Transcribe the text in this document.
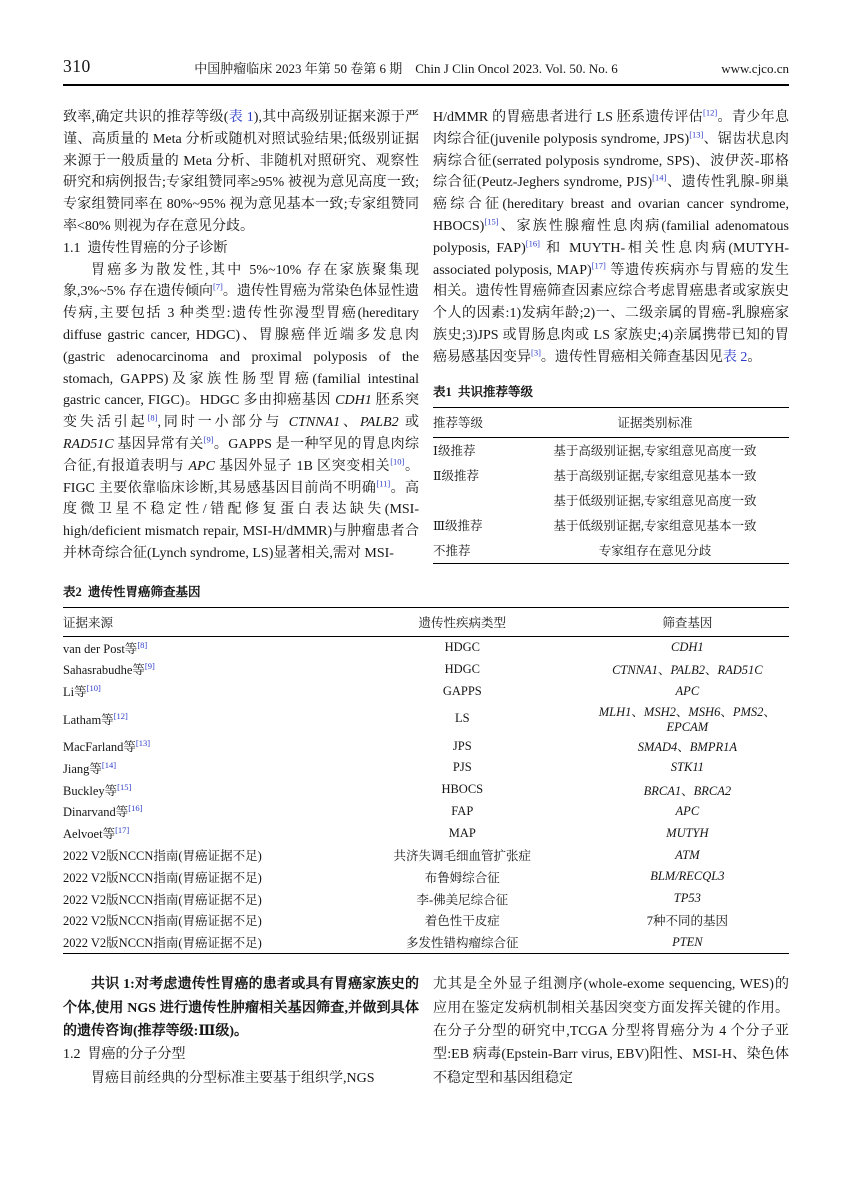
310	中国肿瘤临床 2023 年第 50 卷第 6 期    Chin J Clin Oncol 2023. Vol. 50. No. 6	www.cjco.cn

致率,确定共识的推荐等级(表 1),其中高级别证据来源于严谨、高质量的 Meta 分析或随机对照试验结果;低级别证据来源于一般质量的 Meta 分析、非随机对照研究、观察性研究和病例报告;专家组赞同率≥95% 被视为意见高度一致;专家组赞同率在 80%~95% 视为意见基本一致;专家组赞同率<80% 则视为存在意见分歧。

1.1  遗传性胃癌的分子诊断

胃癌多为散发性,其中 5%~10% 存在家族聚集现象,3%~5% 存在遗传倾向[7]。遗传性胃癌为常染色体显性遗传病,主要包括 3 种类型:遗传性弥漫型胃癌(hereditary diffuse gastric cancer, HDGC)、胃腺癌伴近端多发息肉(gastric adenocarcinoma and proximal polyposis of the stomach, GAPPS)及家族性肠型胃癌(familial intestinal gastric cancer, FIGC)。HDGC 多由抑癌基因 CDH1 胚系突变失活引起[8],同时一小部分与 CTNNA1、PALB2 或 RAD51C 基因异常有关[9]。GAPPS 是一种罕见的胃息肉综合征,有报道表明与 APC 基因外显子 1B 区突变相关[10]。FIGC 主要依靠临床诊断,其易感基因目前尚不明确[11]。高度微卫星不稳定性/错配修复蛋白表达缺失(MSI-high/deficient mismatch repair, MSI-H/dMMR)与肿瘤患者合并林奇综合征(Lynch syndrome, LS)显著相关,需对 MSI-

H/dMMR 的胃癌患者进行 LS 胚系遗传评估[12]。青少年息肉综合征(juvenile polyposis syndrome, JPS)[13]、锯齿状息肉病综合征(serrated polyposis syndrome, SPS)、波伊茨-耶格综合征(Peutz-Jeghers syndrome, PJS)[14]、遗传性乳腺-卵巢癌综合征(hereditary breast and ovarian cancer syndrome, HBOCS)[15]、家族性腺瘤性息肉病(familial adenomatous polyposis, FAP)[16] 和 MUYTH-相关性息肉病(MUTYH-associated polyposis, MAP)[17] 等遗传疾病亦与胃癌的发生相关。遗传性胃癌筛查因素应综合考虑胃癌患者或家族史个人的因素:1)发病年龄;2)一、二级亲属的胃癌-乳腺癌家族史;3)JPS 或胃肠息肉或 LS 家族史;4)亲属携带已知的胃癌易感基因变异[3]。遗传性胃癌相关筛查基因见表 2。

表1  共识推荐等级
推荐等级	证据类别标准
Ⅰ级推荐	基于高级别证据,专家组意见高度一致
Ⅱ级推荐	基于高级别证据,专家组意见基本一致
	基于低级别证据,专家组意见高度一致
Ⅲ级推荐	基于低级别证据,专家组意见基本一致
不推荐	专家组存在意见分歧
表2  遗传性胃癌筛查基因
证据来源	遗传性疾病类型	筛查基因
van der Post等[8]	HDGC	CDH1
Sahasrabudhe等[9]	HDGC	CTNNA1、PALB2、RAD51C
Li等[10]	GAPPS	APC
Latham等[12]	LS	MLH1、MSH2、MSH6、PMS2、EPCAM
MacFarland等[13]	JPS	SMAD4、BMPR1A
Jiang等[14]	PJS	STK11
Buckley等[15]	HBOCS	BRCA1、BRCA2
Dinarvand等[16]	FAP	APC
Aelvoet等[17]	MAP	MUTYH
2022 V2版NCCN指南(胃癌证据不足)	共济失调毛细血管扩张症	ATM
2022 V2版NCCN指南(胃癌证据不足)	布鲁姆综合征	BLM/RECQL3
2022 V2版NCCN指南(胃癌证据不足)	李-佛美尼综合征	TP53
2022 V2版NCCN指南(胃癌证据不足)	着色性干皮症	7种不同的基因
2022 V2版NCCN指南(胃癌证据不足)	多发性错构瘤综合征	PTEN

共识 1:对考虑遗传性胃癌的患者或具有胃癌家族史的个体,使用 NGS 进行遗传性肿瘤相关基因筛查,并做到具体的遗传咨询(推荐等级:Ⅲ级)。

1.2  胃癌的分子分型

胃癌目前经典的分型标准主要基于组织学,NGS

尤其是全外显子组测序(whole-exome sequencing, WES)的应用在鉴定发病机制相关基因突变方面发挥关键的作用。在分子分型的研究中,TCGA 分型将胃癌分为 4 个分子亚型:EB 病毒(Epstein-Barr virus, EBV)阳性、MSI-H、染色体不稳定型和基因组稳定
